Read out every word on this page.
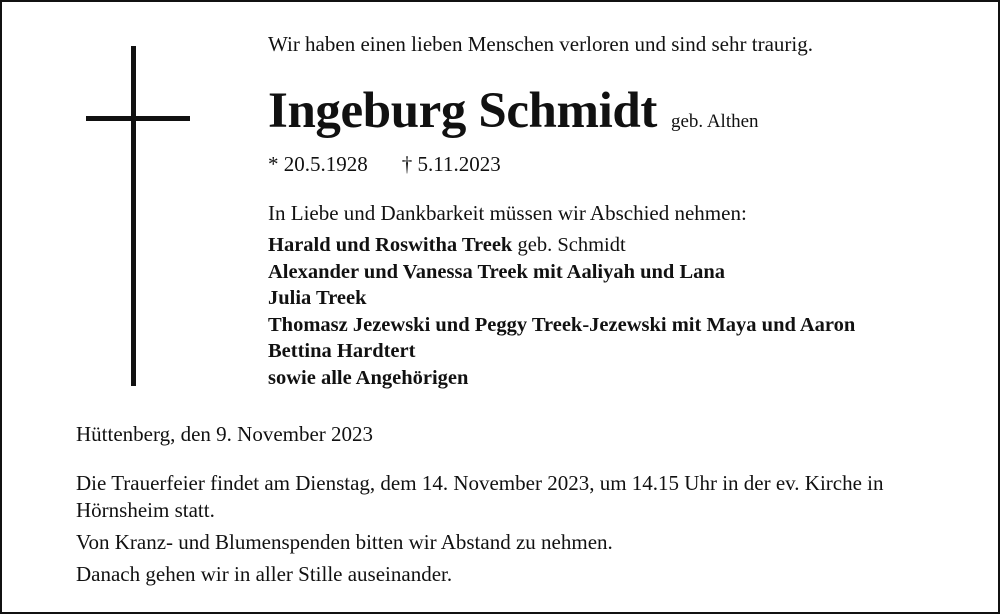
Wir haben einen lieben Menschen verloren und sind sehr traurig.
Ingeburg Schmidt geb. Althen
* 20.5.1928 † 5.11.2023
In Liebe und Dankbarkeit müssen wir Abschied nehmen:
Harald und Roswitha Treek geb. Schmidt
Alexander und Vanessa Treek mit Aaliyah und Lana
Julia Treek
Thomasz Jezewski und Peggy Treek-Jezewski mit Maya und Aaron
Bettina Hardtert
sowie alle Angehörigen
Hüttenberg, den 9. November 2023

Die Trauerfeier findet am Dienstag, dem 14. November 2023, um 14.15 Uhr in der ev. Kirche in Hörnsheim statt.

Von Kranz- und Blumenspenden bitten wir Abstand zu nehmen.

Danach gehen wir in aller Stille auseinander.
